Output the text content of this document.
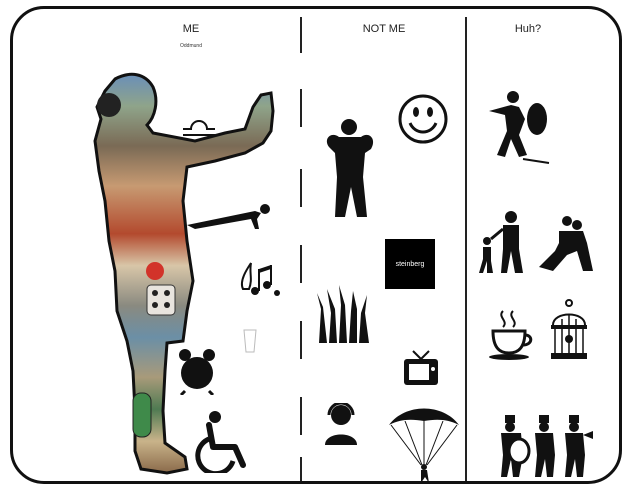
ME
Oddmund
NOT ME	Huh?
steinberg
